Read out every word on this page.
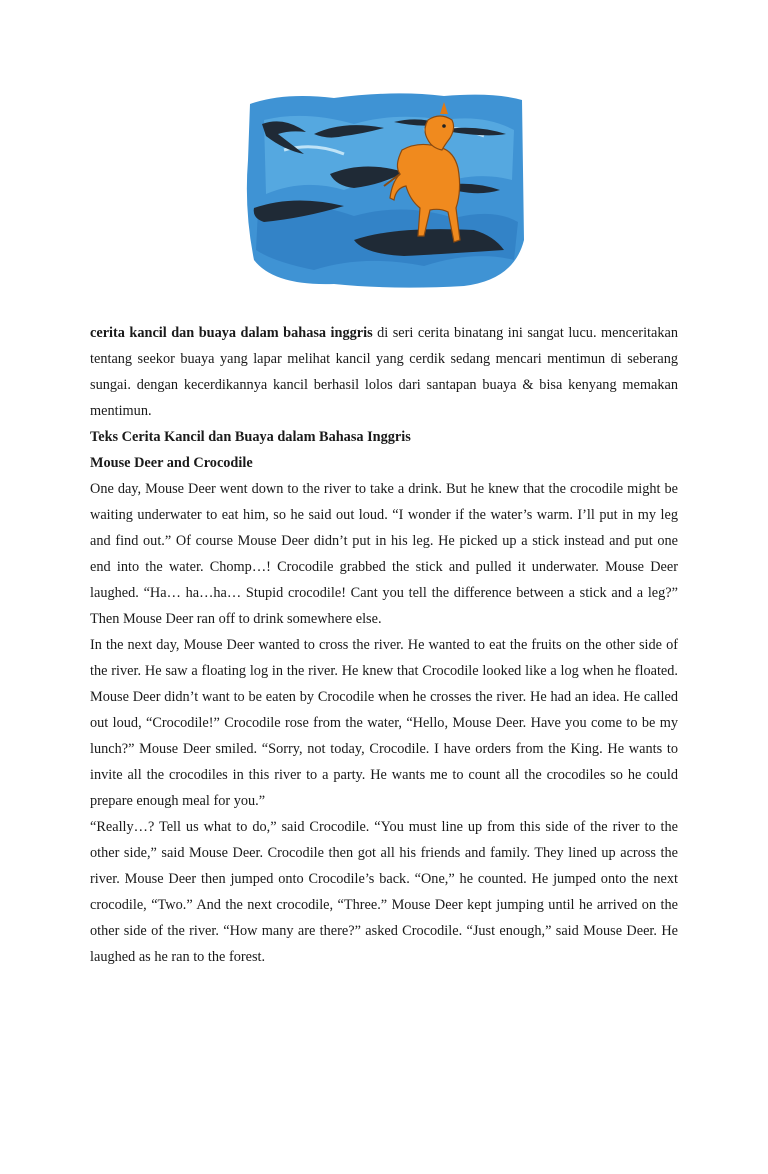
cerita kancil dan buaya dalam bahasa inggris di seri cerita binatang ini sangat lucu. menceritakan tentang seekor buaya yang lapar melihat kancil yang cerdik sedang mencari mentimun di seberang sungai. dengan kecerdikannya kancil berhasil lolos dari santapan buaya & bisa kenyang memakan mentimun.

Teks Cerita Kancil dan Buaya dalam Bahasa Inggris

Mouse Deer and Crocodile

One day, Mouse Deer went down to the river to take a drink. But he knew that the crocodile might be waiting underwater to eat him, so he said out loud. “I wonder if the water’s warm. I’ll put in my leg and find out.” Of course Mouse Deer didn’t put in his leg. He picked up a stick instead and put one end into the water. Chomp…! Crocodile grabbed the stick and pulled it underwater. Mouse Deer laughed. “Ha… ha…ha… Stupid crocodile! Cant you tell the difference between a stick and a leg?” Then Mouse Deer ran off to drink somewhere else.

In the next day, Mouse Deer wanted to cross the river. He wanted to eat the fruits on the other side of the river. He saw a floating log in the river. He knew that Crocodile looked like a log when he floated. Mouse Deer didn’t want to be eaten by Crocodile when he crosses the river. He had an idea. He called out loud, “Crocodile!” Crocodile rose from the water, “Hello, Mouse Deer. Have you come to be my lunch?” Mouse Deer smiled. “Sorry, not today, Crocodile. I have orders from the King. He wants to invite all the crocodiles in this river to a party. He wants me to count all the crocodiles so he could prepare enough meal for you.”

“Really…? Tell us what to do,” said Crocodile. “You must line up from this side of the river to the other side,” said Mouse Deer. Crocodile then got all his friends and family. They lined up across the river. Mouse Deer then jumped onto Crocodile’s back. “One,” he counted. He jumped onto the next crocodile, “Two.” And the next crocodile, “Three.” Mouse Deer kept jumping until he arrived on the other side of the river. “How many are there?” asked Crocodile. “Just enough,” said Mouse Deer. He laughed as he ran to the forest.
